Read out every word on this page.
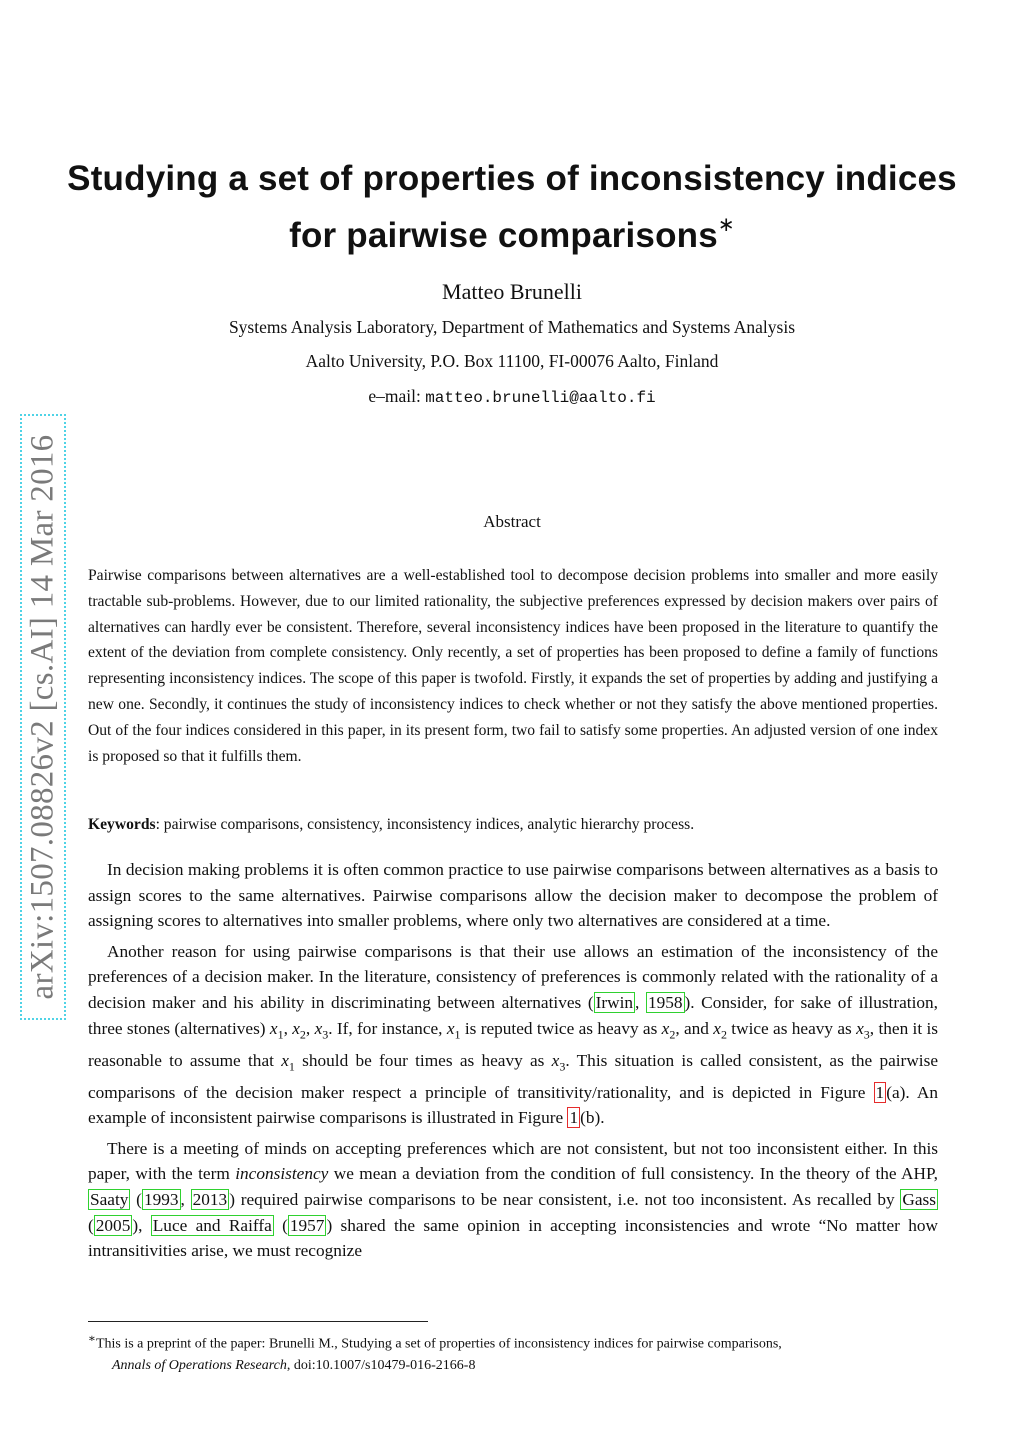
arXiv:1507.08826v2 [cs.AI] 14 Mar 2016
Studying a set of properties of inconsistency indices
for pairwise comparisons∗
Matteo Brunelli
Systems Analysis Laboratory, Department of Mathematics and Systems Analysis
Aalto University, P.O. Box 11100, FI-00076 Aalto, Finland
e–mail: matteo.brunelli@aalto.fi
Abstract
Pairwise comparisons between alternatives are a well-established tool to decompose decision problems into smaller and more easily tractable sub-problems. However, due to our limited rationality, the subjective preferences expressed by decision makers over pairs of alternatives can hardly ever be consistent. Therefore, several inconsistency indices have been proposed in the literature to quantify the extent of the deviation from complete consistency. Only recently, a set of properties has been proposed to define a family of functions representing inconsistency indices. The scope of this paper is twofold. Firstly, it expands the set of properties by adding and justifying a new one. Secondly, it continues the study of inconsistency indices to check whether or not they satisfy the above mentioned properties. Out of the four indices considered in this paper, in its present form, two fail to satisfy some properties. An adjusted version of one index is proposed so that it fulfills them.
Keywords: pairwise comparisons, consistency, inconsistency indices, analytic hierarchy process.

In decision making problems it is often common practice to use pairwise comparisons between alternatives as a basis to assign scores to the same alternatives. Pairwise comparisons allow the decision maker to decompose the problem of assigning scores to alternatives into smaller problems, where only two alternatives are considered at a time.

Another reason for using pairwise comparisons is that their use allows an estimation of the inconsistency of the preferences of a decision maker. In the literature, consistency of preferences is commonly related with the rationality of a decision maker and his ability in discriminating between alternatives ( Irwin , 1958 ). Consider, for sake of illustration, three stones (alternatives) $x_1$, $x_2$, $x_3$. If, for instance, $x_1$ is reputed twice as heavy as $x_2$, and $x_2$ twice as heavy as $x_3$, then it is reasonable to assume that $x_1$ should be four times as heavy as $x_3$. This situation is called consistent, as the pairwise comparisons of the decision maker respect a principle of transitivity/rationality, and is depicted in Figure 1 (a). An example of inconsistent pairwise comparisons is illustrated in Figure 1 (b).

There is a meeting of minds on accepting preferences which are not consistent, but not too inconsistent either. In this paper, with the term inconsistency we mean a deviation from the condition of full consistency. In the theory of the AHP, Saaty ( 1993 , 2013 ) required pairwise comparisons to be near consistent, i.e. not too inconsistent. As recalled by Gass ( 2005 ), Luce and Raiffa ( 1957 ) shared the same opinion in accepting inconsistencies and wrote “No matter how intransitivities arise, we must recognize

∗This is a preprint of the paper: Brunelli M., Studying a set of properties of inconsistency indices for pairwise comparisons,
Annals of Operations Research, doi:10.1007/s10479-016-2166-8
